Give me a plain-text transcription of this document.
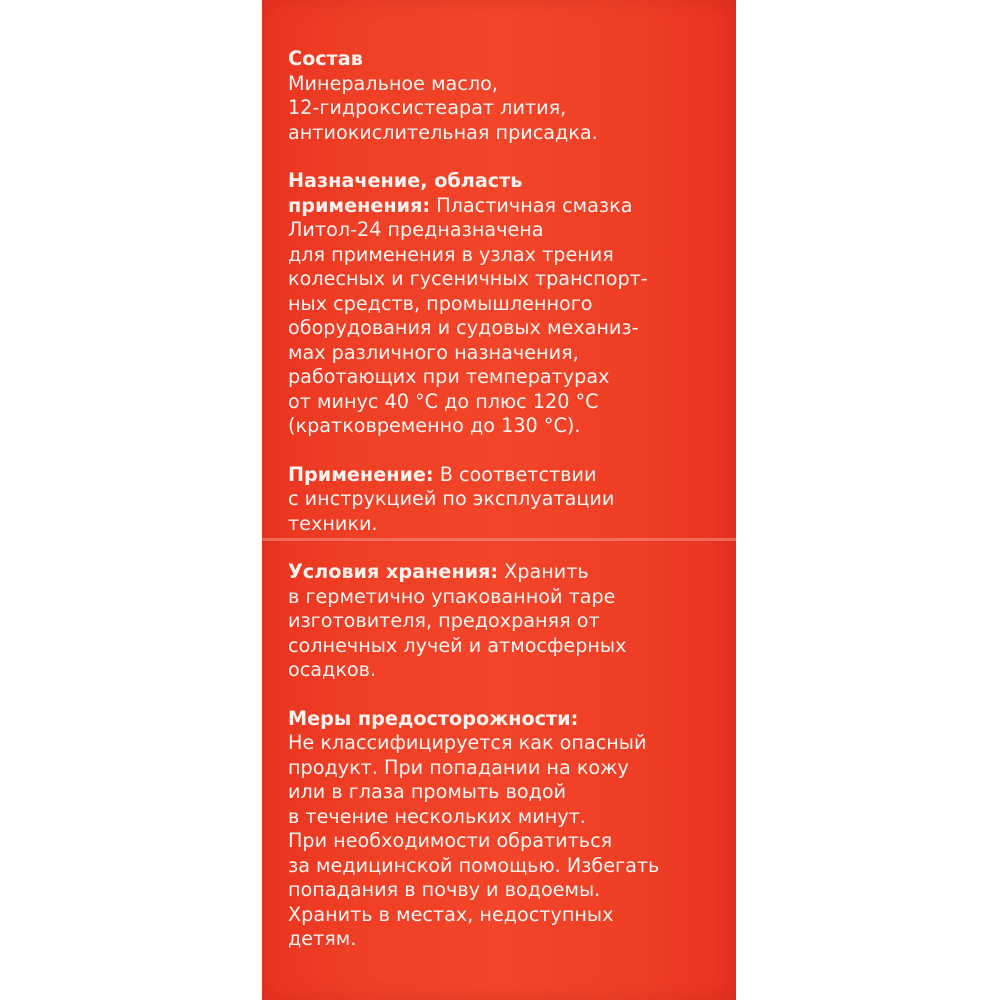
Состав
Минеральное масло,
12-гидроксистеарат лития,
антиокислительная присадка.
Назначение, область
применения: Пластичная смазка
Литол-24 предназначена
для применения в узлах трения
колесных и гусеничных транспорт-
ных средств, промышленного
оборудования и судовых механиз-
мах различного назначения,
работающих при температурах
от минус 40 °С до плюс 120 °С
(кратковременно до 130 °С).
Применение: В соответствии
с инструкцией по эксплуатации
техники.
Условия хранения: Хранить
в герметично упакованной таре
изготовителя, предохраняя от
солнечных лучей и атмосферных
осадков.
Меры предосторожности:
Не классифицируется как опасный
продукт. При попадании на кожу
или в глаза промыть водой
в течение нескольких минут.
При необходимости обратиться
за медицинской помощью. Избегать
попадания в почву и водоемы.
Хранить в местах, недоступных
детям.
